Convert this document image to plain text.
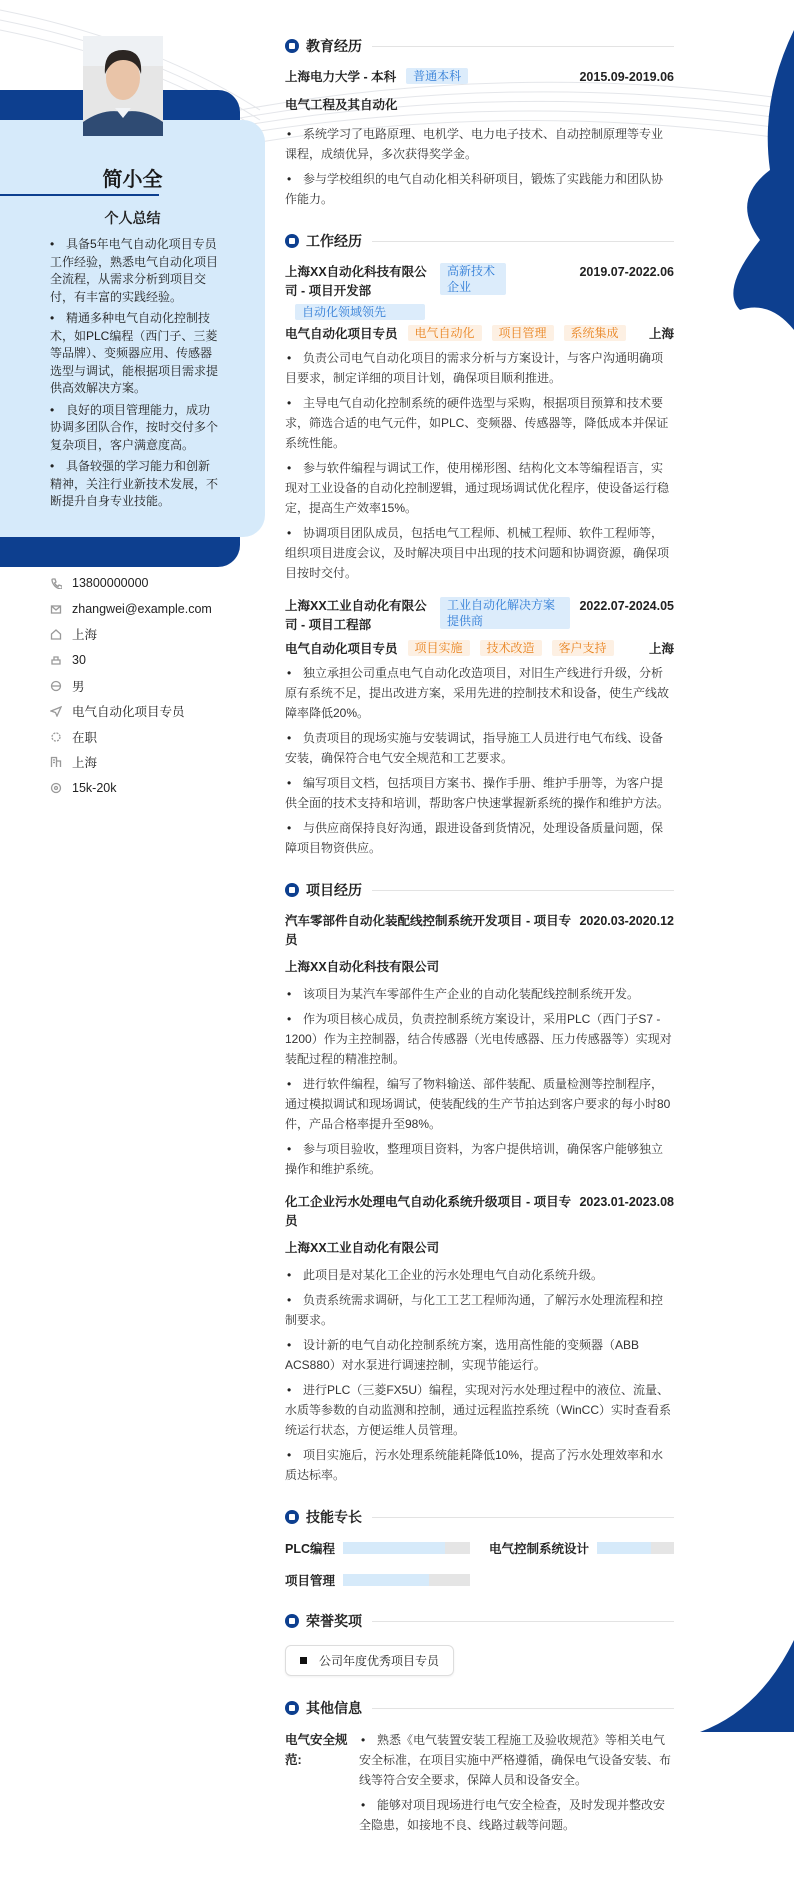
简小全
个人总结
• 具备5年电气自动化项目专员工作经验，熟悉电气自动化项目全流程，从需求分析到项目交付，有丰富的实践经验。
• 精通多种电气自动化控制技术，如PLC编程（西门子、三菱等品牌）、变频器应用、传感器选型与调试，能根据项目需求提供高效解决方案。
• 良好的项目管理能力，成功协调多团队合作，按时交付多个复杂项目，客户满意度高。
• 具备较强的学习能力和创新精神，关注行业新技术发展，不断提升自身专业技能。
13800000000
zhangwei@example.com
上海
30
男
电气自动化项目专员
在职
上海
15k-20k
教育经历
上海电力大学 - 本科	普通本科	2015.09-2019.06
电气工程及其自动化
• 系统学习了电路原理、电机学、电力电子技术、自动控制原理等专业课程，成绩优异，多次获得奖学金。
• 参与学校组织的电气自动化相关科研项目，锻炼了实践能力和团队协作能力。
工作经历
上海XX自动化科技有限公司 - 项目开发部
高新技术企业
自动化领域领先
2019.07-2022.06
电气自动化项目专员	电气自动化	项目管理	系统集成	上海
• 负责公司电气自动化项目的需求分析与方案设计，与客户沟通明确项目要求，制定详细的项目计划，确保项目顺利推进。
• 主导电气自动化控制系统的硬件选型与采购，根据项目预算和技术要求，筛选合适的电气元件，如PLC、变频器、传感器等，降低成本并保证系统性能。
• 参与软件编程与调试工作，使用梯形图、结构化文本等编程语言，实现对工业设备的自动化控制逻辑，通过现场调试优化程序，使设备运行稳定，提高生产效率15%。
• 协调项目团队成员，包括电气工程师、机械工程师、软件工程师等，组织项目进度会议，及时解决项目中出现的技术问题和协调资源，确保项目按时交付。
上海XX工业自动化有限公司 - 项目工程部
工业自动化解决方案提供商
2022.07-2024.05
电气自动化项目专员	项目实施	技术改造	客户支持	上海
• 独立承担公司重点电气自动化改造项目，对旧生产线进行升级，分析原有系统不足，提出改进方案，采用先进的控制技术和设备，使生产线故障率降低20%。
• 负责项目的现场实施与安装调试，指导施工人员进行电气布线、设备安装，确保符合电气安全规范和工艺要求。
• 编写项目文档，包括项目方案书、操作手册、维护手册等，为客户提供全面的技术支持和培训，帮助客户快速掌握新系统的操作和维护方法。
• 与供应商保持良好沟通，跟进设备到货情况，处理设备质量问题，保障项目物资供应。
项目经历
汽车零部件自动化装配线控制系统开发项目 - 项目专员
2020.03-2020.12
上海XX自动化科技有限公司
• 该项目为某汽车零部件生产企业的自动化装配线控制系统开发。
• 作为项目核心成员，负责控制系统方案设计，采用PLC（西门子S7 - 1200）作为主控制器，结合传感器（光电传感器、压力传感器等）实现对装配过程的精准控制。
• 进行软件编程，编写了物料输送、部件装配、质量检测等控制程序，通过模拟调试和现场调试，使装配线的生产节拍达到客户要求的每小时80件，产品合格率提升至98%。
• 参与项目验收，整理项目资料，为客户提供培训，确保客户能够独立操作和维护系统。
化工企业污水处理电气自动化系统升级项目 - 项目专员
2023.01-2023.08
上海XX工业自动化有限公司
• 此项目是对某化工企业的污水处理电气自动化系统升级。
• 负责系统需求调研，与化工工艺工程师沟通，了解污水处理流程和控制要求。
• 设计新的电气自动化控制系统方案，选用高性能的变频器（ABB ACS880）对水泵进行调速控制，实现节能运行。
• 进行PLC（三菱FX5U）编程，实现对污水处理过程中的液位、流量、水质等参数的自动监测和控制，通过远程监控系统（WinCC）实时查看系统运行状态，方便运维人员管理。
• 项目实施后，污水处理系统能耗降低10%，提高了污水处理效率和水质达标率。
技能专长
PLC编程	电气控制系统设计
项目管理
荣誉奖项
公司年度优秀项目专员
其他信息
电气安全规范:
• 熟悉《电气装置安装工程施工及验收规范》等相关电气安全标准，在项目实施中严格遵循，确保电气设备安装、布线等符合安全要求，保障人员和设备安全。
• 能够对项目现场进行电气安全检查，及时发现并整改安全隐患，如接地不良、线路过载等问题。
